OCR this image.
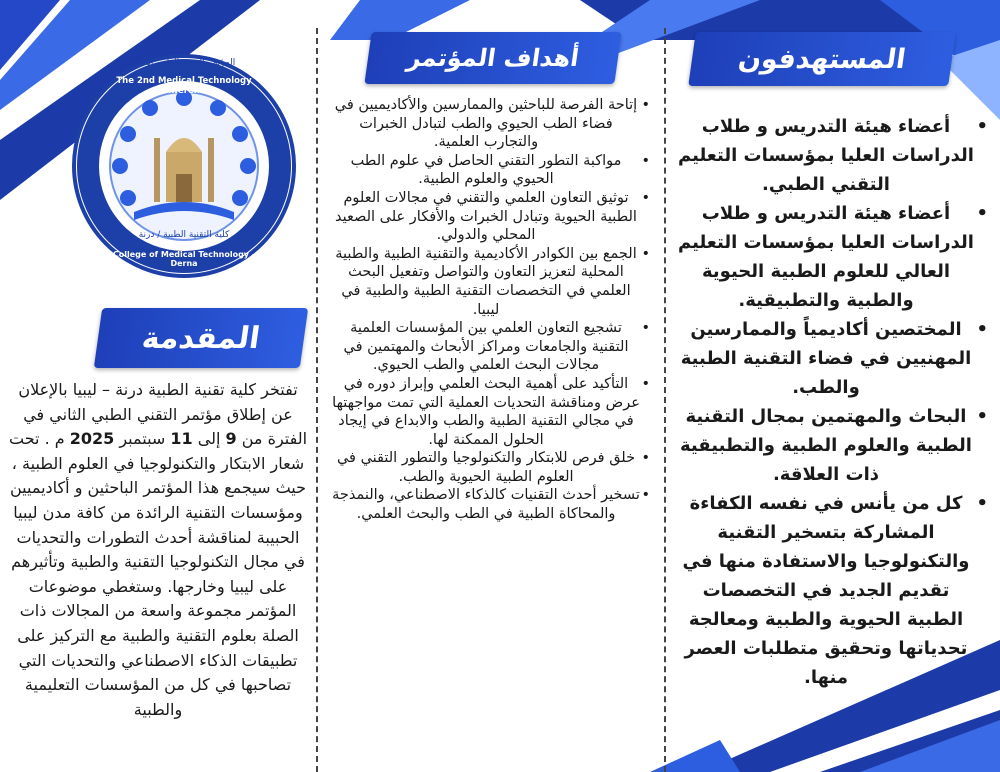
المستهدفون
أهداف المؤتمر
المقدمة
المؤتمر التقني الطبي الثاني
The 2nd Medical Technology conference
كلية التقنية الطبية / درنة
College of Medical Technology - Derna
• أعضاء هيئة التدريس و طلاب الدراسات العليا بمؤسسات التعليم التقني الطبي.
• أعضاء هيئة التدريس و طلاب الدراسات العليا بمؤسسات التعليم العالي للعلوم الطبية الحيوية والطبية والتطبيقية.
• المختصين أكاديمياً والممارسين المهنيين في فضاء التقنية الطبية والطب.
• البحاث والمهتمين بمجال التقنية الطبية والعلوم الطبية والتطبيقية ذات العلاقة.
• كل من يأنس في نفسه الكفاءة المشاركة بتسخير التقنية والتكنولوجيا والاستفادة منها في تقديم الجديد في التخصصات الطبية الحيوية والطبية ومعالجة تحدياتها وتحقيق متطلبات العصر منها.
• إتاحة الفرصة للباحثين والممارسين والأكاديميين في فضاء الطب الحيوي والطب لتبادل الخبرات والتجارب العلمية.
• مواكبة التطور التقني الحاصل في علوم الطب الحيوي والعلوم الطبية.
• توثيق التعاون العلمي والتقني في مجالات العلوم الطبية الحيوية وتبادل الخبرات والأفكار على الصعيد المحلي والدولي.
• الجمع بين الكوادر الأكاديمية والتقنية الطبية والطبية المحلية لتعزيز التعاون والتواصل وتفعيل البحث العلمي في التخصصات التقنية الطبية والطبية في ليبيا.
• تشجيع التعاون العلمي بين المؤسسات العلمية التقنية والجامعات ومراكز الأبحاث والمهتمين في مجالات البحث العلمي والطب الحيوي.
• التأكيد على أهمية البحث العلمي وإبراز دوره في عرض ومناقشة التحديات العملية التي تمت مواجهتها في مجالي التقنية الطبية والطب والابداع في إيجاد الحلول الممكنة لها.
• خلق فرص للابتكار والتكنولوجيا والتطور التقني في العلوم الطبية الحيوية والطب.
• تسخير أحدث التقنيات كالذكاء الاصطناعي، والنمذجة والمحاكاة الطبية في الطب والبحث العلمي.
تفتخر كلية تقنية الطبية درنة – ليبيا بالإعلان عن إطلاق مؤتمر التقني الطبي الثاني في الفترة من 9 إلى 11 سبتمبر 2025 م . تحت شعار الابتكار والتكنولوجيا في العلوم الطبية ، حيث سيجمع هذا المؤتمر الباحثين و أكاديميين ومؤسسات التقنية الرائدة من كافة مدن ليبيا الحبيبة لمناقشة أحدث التطورات والتحديات في مجال التكنولوجيا التقنية والطبية وتأثيرهم على ليبيا وخارجها. وستغطي موضوعات المؤتمر مجموعة واسعة من المجالات ذات الصلة بعلوم التقنية والطبية مع التركيز على تطبيقات الذكاء الاصطناعي والتحديات التي تصاحبها في كل من المؤسسات التعليمية والطبية
